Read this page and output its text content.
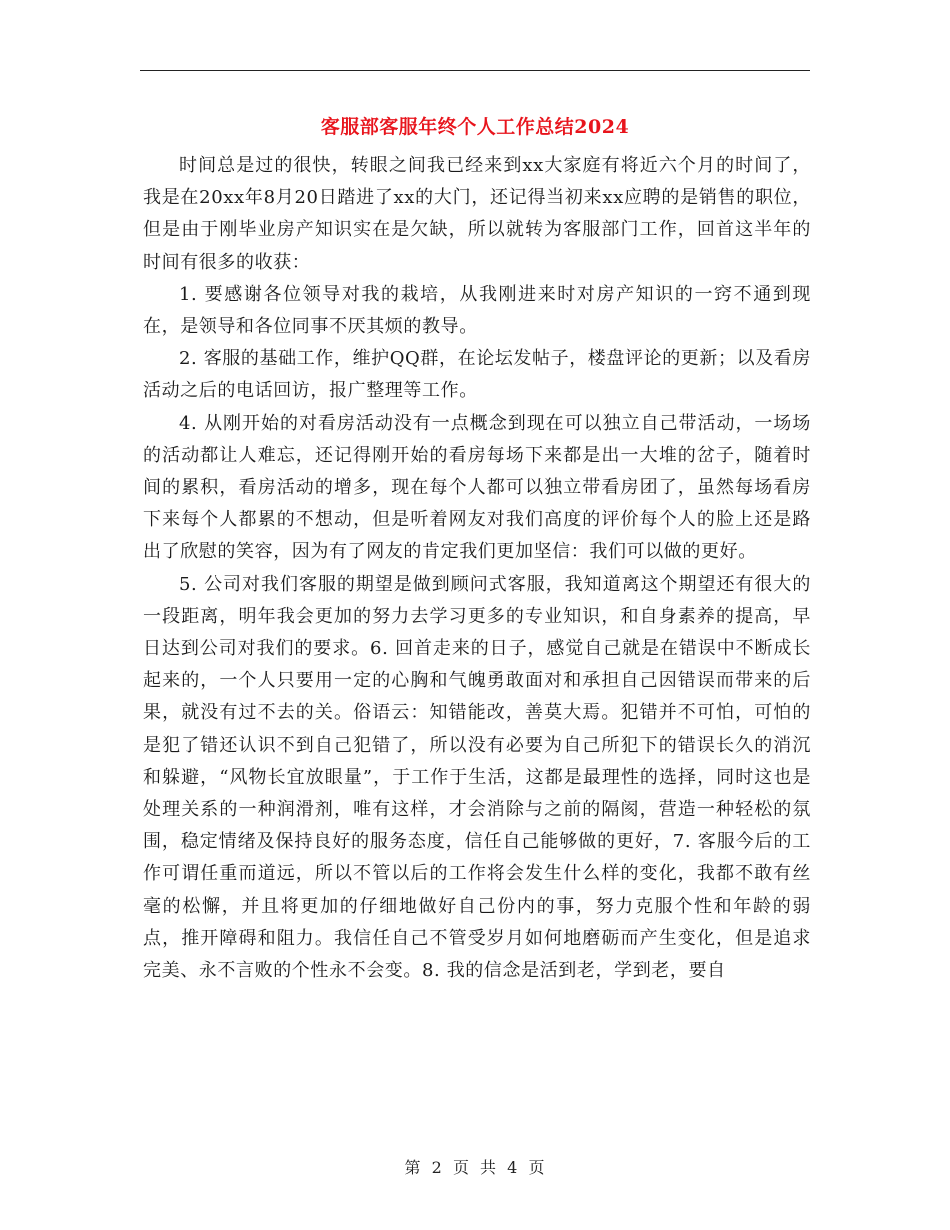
客服部客服年终个人工作总结2024

时间总是过的很快，转眼之间我已经来到xx大家庭有将近六个月的时间了，我是在20xx年8月20日踏进了xx的大门，还记得当初来xx应聘的是销售的职位，但是由于刚毕业房产知识实在是欠缺，所以就转为客服部门工作，回首这半年的时间有很多的收获：

1. 要感谢各位领导对我的栽培，从我刚进来时对房产知识的一窍不通到现在，是领导和各位同事不厌其烦的教导。

2. 客服的基础工作，维护QQ群，在论坛发帖子，楼盘评论的更新；以及看房活动之后的电话回访，报广整理等工作。

4. 从刚开始的对看房活动没有一点概念到现在可以独立自己带活动，一场场的活动都让人难忘，还记得刚开始的看房每场下来都是出一大堆的岔子，随着时间的累积，看房活动的增多，现在每个人都可以独立带看房团了，虽然每场看房下来每个人都累的不想动，但是听着网友对我们高度的评价每个人的脸上还是路出了欣慰的笑容，因为有了网友的肯定我们更加坚信：我们可以做的更好。

5. 公司对我们客服的期望是做到顾问式客服，我知道离这个期望还有很大的一段距离，明年我会更加的努力去学习更多的专业知识，和自身素养的提高，早日达到公司对我们的要求。6. 回首走来的日子，感觉自己就是在错误中不断成长起来的，一个人只要用一定的心胸和气魄勇敢面对和承担自己因错误而带来的后果，就没有过不去的关。俗语云：知错能改，善莫大焉。犯错并不可怕，可怕的是犯了错还认识不到自己犯错了，所以没有必要为自己所犯下的错误长久的消沉和躲避，“风物长宜放眼量”，于工作于生活，这都是最理性的选择，同时这也是处理关系的一种润滑剂，唯有这样，才会消除与之前的隔阂，营造一种轻松的氛围，稳定情绪及保持良好的服务态度，信任自己能够做的更好，7. 客服今后的工作可谓任重而道远，所以不管以后的工作将会发生什么样的变化，我都不敢有丝毫的松懈，并且将更加的仔细地做好自己份内的事，努力克服个性和年龄的弱点，推开障碍和阻力。我信任自己不管受岁月如何地磨砺而产生变化，但是追求完美、永不言败的个性永不会变。8. 我的信念是活到老，学到老，要自

第 2 页 共 4 页
